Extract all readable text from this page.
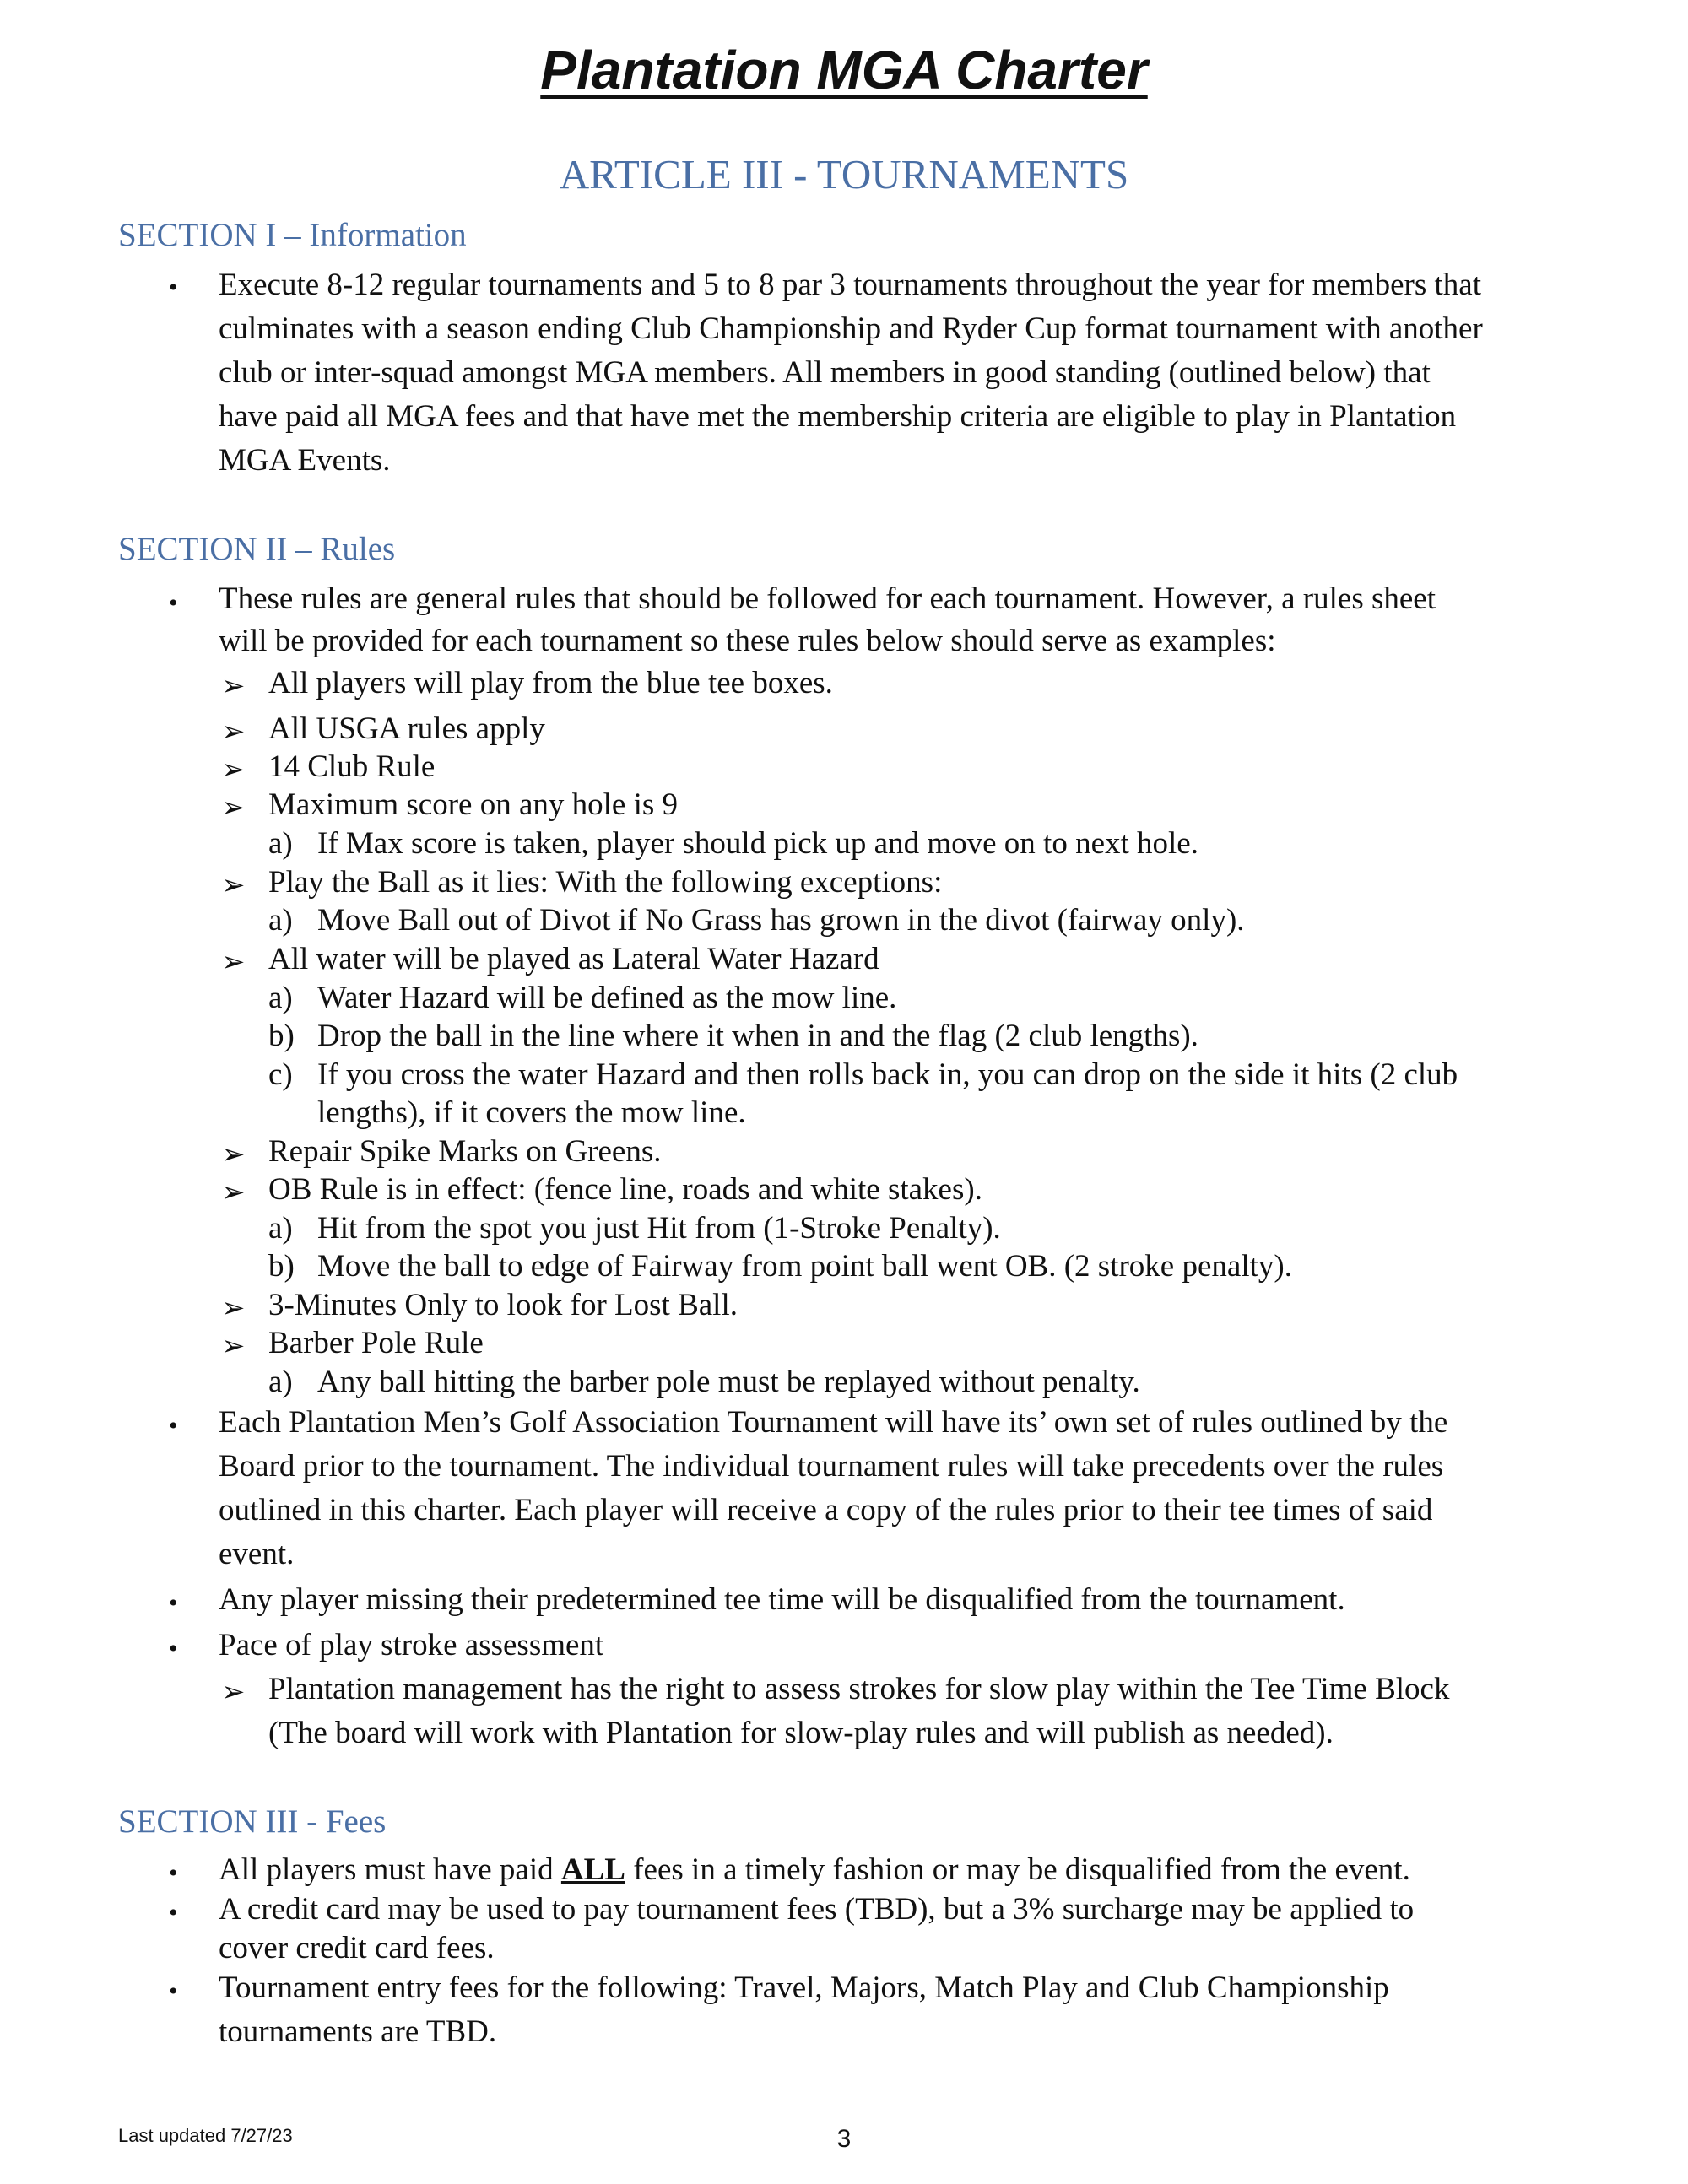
Plantation MGA Charter
ARTICLE III - TOURNAMENTS
SECTION I – Information
• Execute 8-12 regular tournaments and 5 to 8 par 3 tournaments throughout the year for members that
culminates with a season ending Club Championship and Ryder Cup format tournament with another
club or inter-squad amongst MGA members. All members in good standing (outlined below) that
have paid all MGA fees and that have met the membership criteria are eligible to play in Plantation
MGA Events.
SECTION II – Rules
• These rules are general rules that should be followed for each tournament. However, a rules sheet
will be provided for each tournament so these rules below should serve as examples:
➢ All players will play from the blue tee boxes.
➢ All USGA rules apply
➢ 14 Club Rule
➢ Maximum score on any hole is 9
a) If Max score is taken, player should pick up and move on to next hole.
➢ Play the Ball as it lies: With the following exceptions:
a) Move Ball out of Divot if No Grass has grown in the divot (fairway only).
➢ All water will be played as Lateral Water Hazard
a) Water Hazard will be defined as the mow line.
b) Drop the ball in the line where it when in and the flag (2 club lengths).
c) If you cross the water Hazard and then rolls back in, you can drop on the side it hits (2 club
lengths), if it covers the mow line.
➢ Repair Spike Marks on Greens.
➢ OB Rule is in effect: (fence line, roads and white stakes).
a) Hit from the spot you just Hit from (1-Stroke Penalty).
b) Move the ball to edge of Fairway from point ball went OB. (2 stroke penalty).
➢ 3-Minutes Only to look for Lost Ball.
➢ Barber Pole Rule
a) Any ball hitting the barber pole must be replayed without penalty.
• Each Plantation Men’s Golf Association Tournament will have its’ own set of rules outlined by the
Board prior to the tournament. The individual tournament rules will take precedents over the rules
outlined in this charter. Each player will receive a copy of the rules prior to their tee times of said
event.
• Any player missing their predetermined tee time will be disqualified from the tournament.
• Pace of play stroke assessment
➢ Plantation management has the right to assess strokes for slow play within the Tee Time Block
(The board will work with Plantation for slow-play rules and will publish as needed).
SECTION III - Fees
• All players must have paid ALL fees in a timely fashion or may be disqualified from the event.
• A credit card may be used to pay tournament fees (TBD), but a 3% surcharge may be applied to
cover credit card fees.
• Tournament entry fees for the following: Travel, Majors, Match Play and Club Championship
tournaments are TBD.
Last updated 7/27/23	3
